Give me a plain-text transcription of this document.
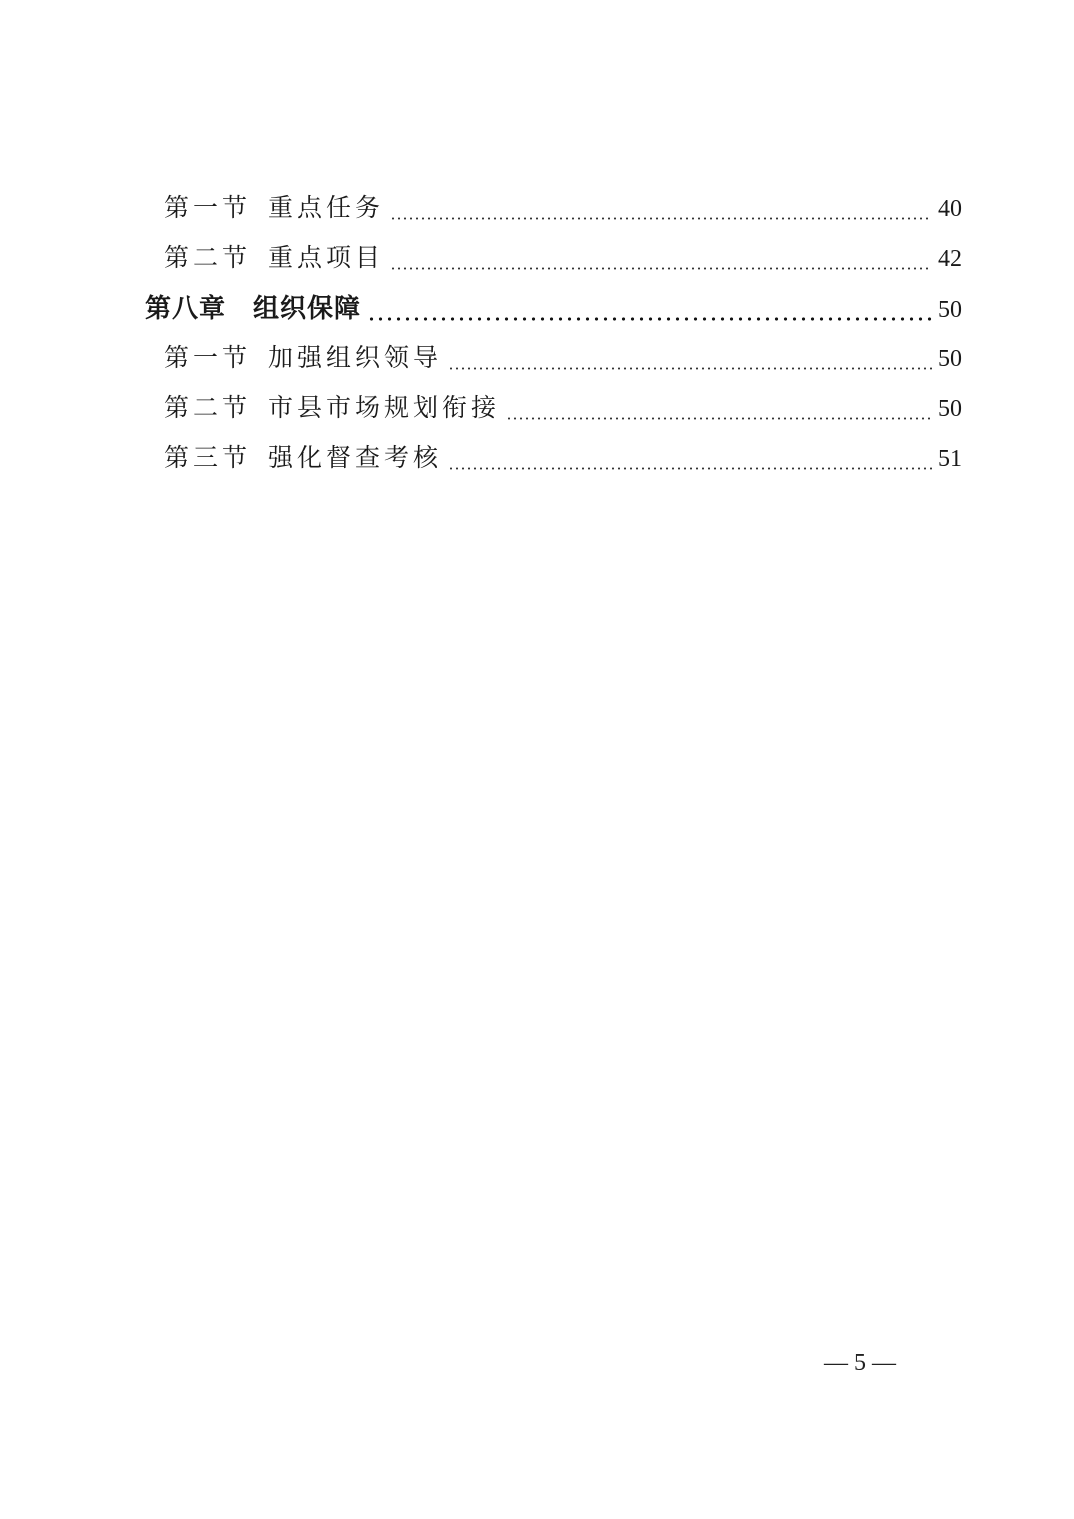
第一节 重点任务	40
第二节 重点项目	42
第八章	组织保障	50
第一节 加强组织领导	50
第二节 市县市场规划衔接	50
第三节 强化督查考核	51
— 5 —
